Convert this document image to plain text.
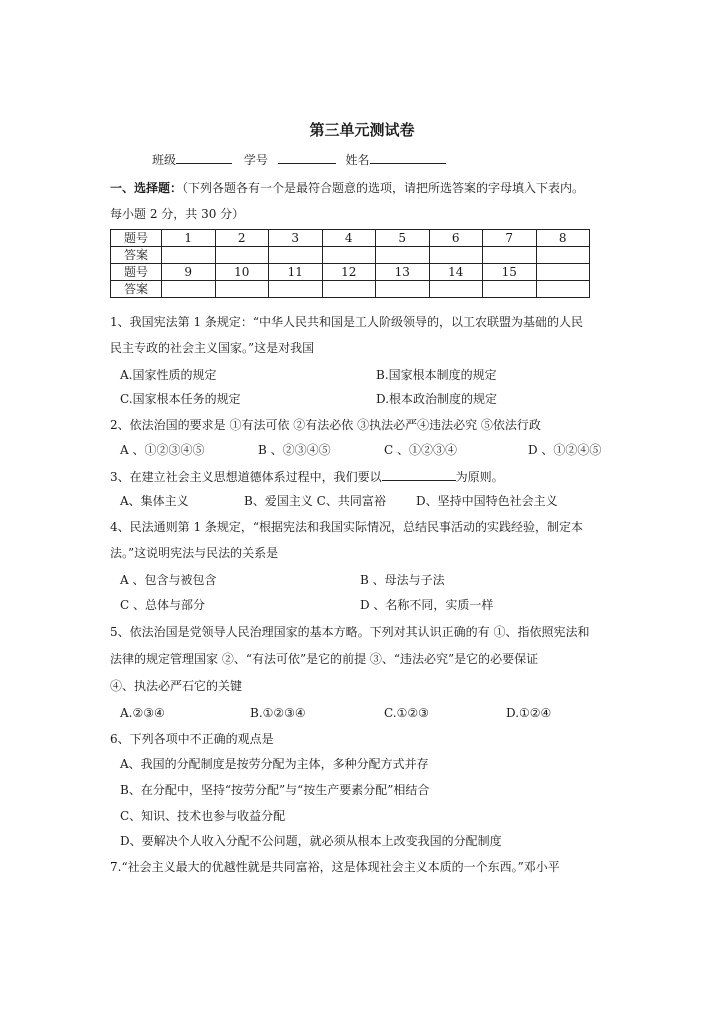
第三单元测试卷
班级	学号	姓名
一、选择题：（下列各题各有一个是最符合题意的选项，请把所选答案的字母填入下表内。
每小题 2 分，共 30 分）
题号	1	2	3	4	5	6	7	8
答案								
题号	9	10	11	12	13	14	15	
答案								
1、我国宪法第 1 条规定：“中华人民共和国是工人阶级领导的，以工农联盟为基础的人民
民主专政的社会主义国家。”这是对我国
A.国家性质的规定	B.国家根本制度的规定
C.国家根本任务的规定	D.根本政治制度的规定
2、依法治国的要求是 ①有法可依 ②有法必依 ③执法必严④违法必究 ⑤依法行政
A 、①②③④⑤	B 、②③④⑤	C 、①②③④	D 、①②④⑤
3、在建立社会主义思想道德体系过程中，我们要以	为原则。
A、集体主义	B、爱国主义 C、共同富裕	D、坚持中国特色社会主义
4、民法通则第 1 条规定，“根据宪法和我国实际情况，总结民事活动的实践经验，制定本
法。”这说明宪法与民法的关系是
A 、包含与被包含	B 、母法与子法
C 、总体与部分	D 、名称不同，实质一样
5、依法治国是党领导人民治理国家的基本方略。下列对其认识正确的有 ①、指依照宪法和
法律的规定管理国家 ②、“有法可依”是它的前提 ③、“违法必究”是它的必要保证
④、执法必严石它的关键
A.②③④	B.①②③④	C.①②③	D.①②④
6、下列各项中不正确的观点是
A、我国的分配制度是按劳分配为主体，多种分配方式并存
B、在分配中，坚持“按劳分配”与“按生产要素分配”相结合
C、知识、技术也参与收益分配
D、要解决个人收入分配不公问题，就必须从根本上改变我国的分配制度
7.“社会主义最大的优越性就是共同富裕，这是体现社会主义本质的一个东西。”邓小平
